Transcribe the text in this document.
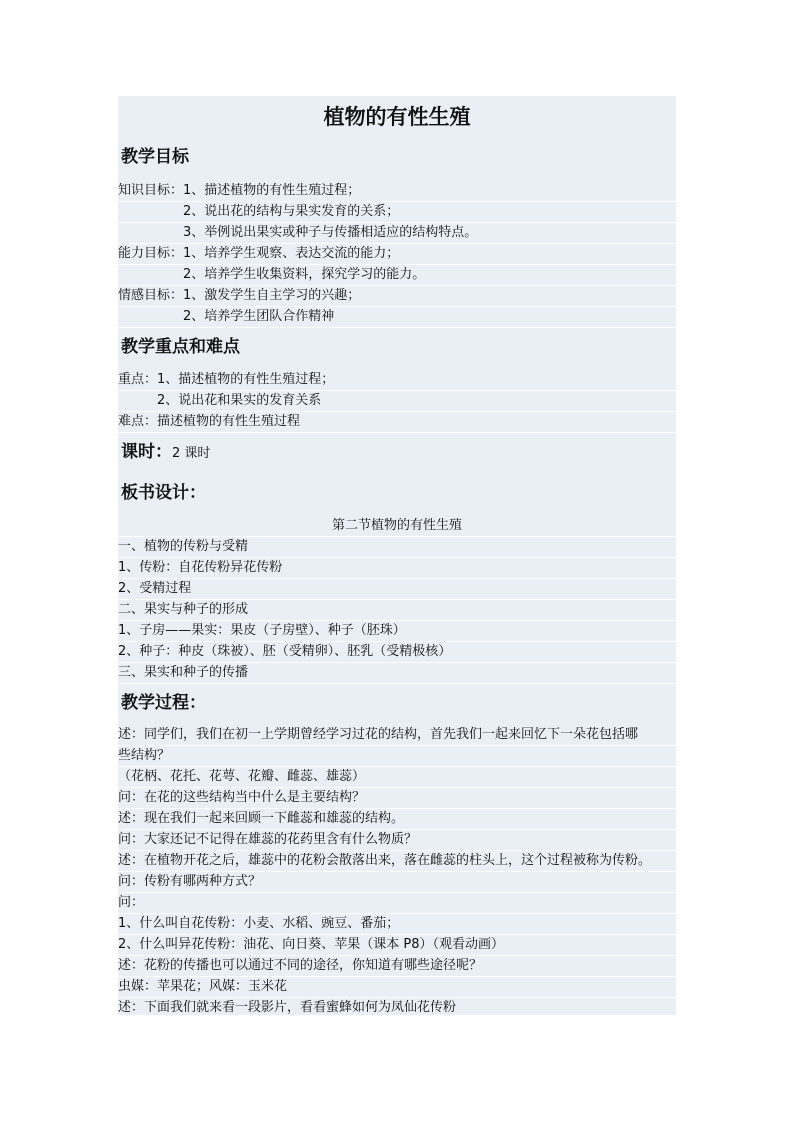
植物的有性生殖
教学目标
知识目标：1、描述植物的有性生殖过程；
　　　　　2、说出花的结构与果实发育的关系；
　　　　　3、举例说出果实或种子与传播相适应的结构特点。
能力目标：1、培养学生观察、表达交流的能力；
　　　　　2、培养学生收集资料，探究学习的能力。
情感目标：1、激发学生自主学习的兴趣；
　　　　　2、培养学生团队合作精神
教学重点和难点
重点：1、描述植物的有性生殖过程；
　　　2、说出花和果实的发育关系
难点：描述植物的有性生殖过程
课时：2 课时
板书设计：
第二节植物的有性生殖
一、植物的传粉与受精
1、传粉：自花传粉异花传粉
2、受精过程
二、果实与种子的形成
1、子房——果实：果皮（子房壁）、种子（胚珠）
2、种子：种皮（珠被）、胚（受精卵）、胚乳（受精极核）
三、果实和种子的传播
教学过程：
述：同学们，我们在初一上学期曾经学习过花的结构，首先我们一起来回忆下一朵花包括哪
些结构？
（花柄、花托、花萼、花瓣、雌蕊、雄蕊）
问：在花的这些结构当中什么是主要结构？
述：现在我们一起来回顾一下雌蕊和雄蕊的结构。
问：大家还记不记得在雄蕊的花药里含有什么物质？
述：在植物开花之后，雄蕊中的花粉会散落出来，落在雌蕊的柱头上，这个过程被称为传粉。
问：传粉有哪两种方式？
问：
1、什么叫自花传粉：小麦、水稻、豌豆、番茄；
2、什么叫异花传粉：油花、向日葵、苹果（课本 P8）（观看动画）
述：花粉的传播也可以通过不同的途径，你知道有哪些途径呢？
虫媒：苹果花；风媒：玉米花
述：下面我们就来看一段影片，看看蜜蜂如何为凤仙花传粉
